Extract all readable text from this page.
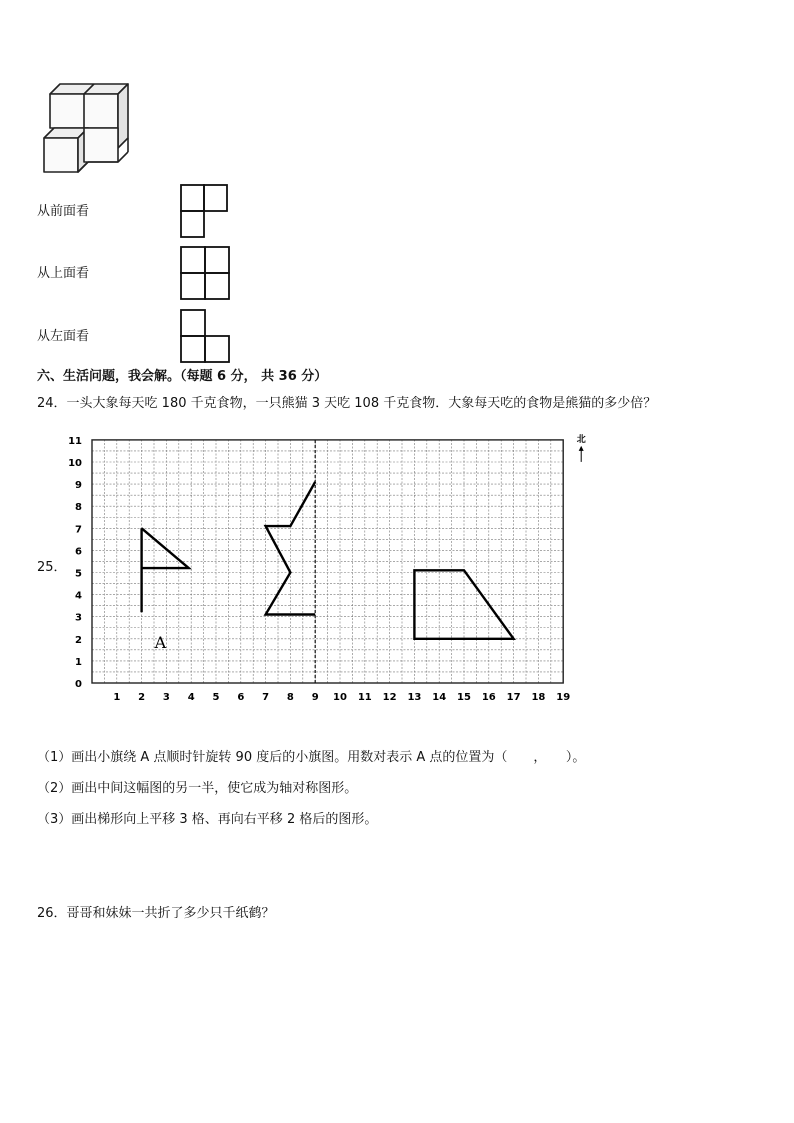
从前面看
从上面看
从左面看
六、生活问题，我会解。（每题 6 分， 共 36 分）
24．一头大象每天吃 180 千克食物，一只熊猫 3 天吃 108 千克食物．大象每天吃的食物是熊猫的多少倍？
25．
0
1
2
3
4
5
6
7
8
9
10
11
1 2 3 4 5 6 7 8 9 10 11 12 13 14 15 16 17 18 19
A
北
（1）画出小旗绕 A 点顺时针旋转 90 度后的小旗图。用数对表示 A 点的位置为（　　，　　）。
（2）画出中间这幅图的另一半，使它成为轴对称图形。
（3）画出梯形向上平移 3 格、再向右平移 2 格后的图形。
26．哥哥和妹妹一共折了多少只千纸鹤？
